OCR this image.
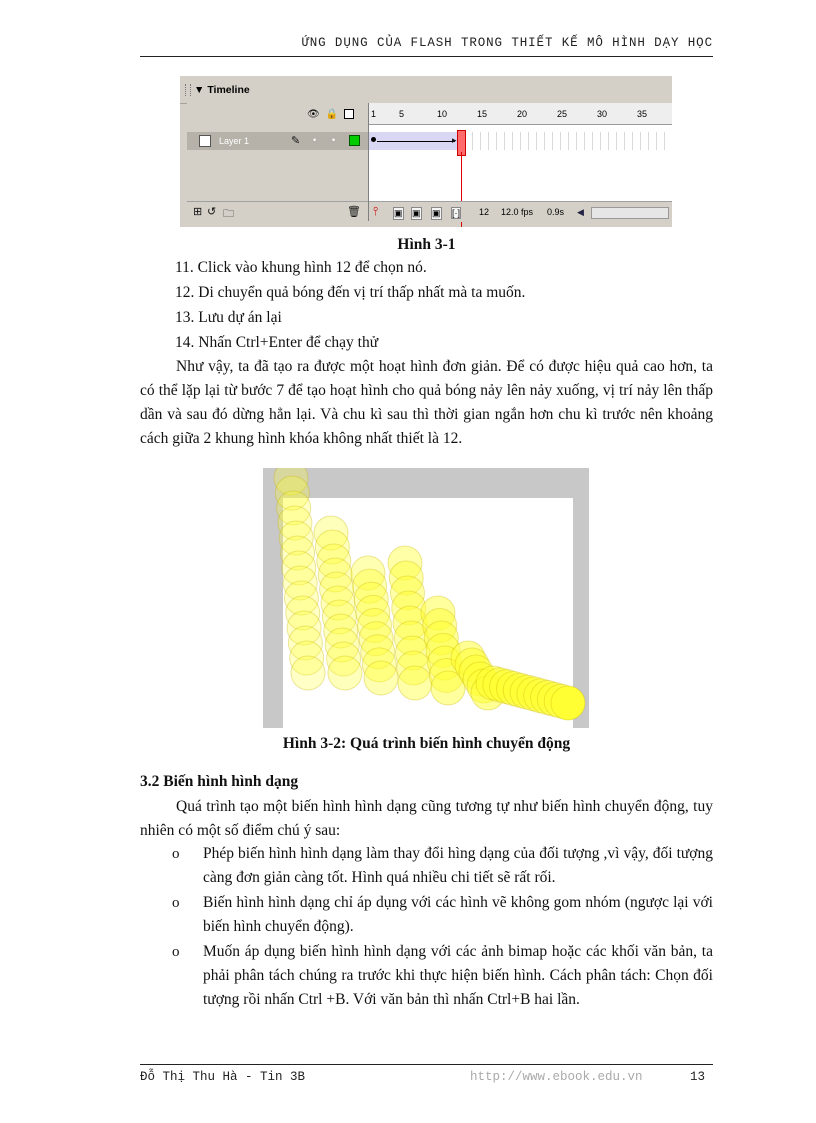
ỨNG DỤNG CỦA FLASH TRONG THIẾT KẾ MÔ HÌNH DẠY HỌC
▼ Timeline
👁 🔒
Layer 1	✎ • •
1	5	10	15	20	25	30	35
▸
⊞ ↺ 🗀	🗑 ⫯ ▣ ▣ ▣ [·] 12 12.0 fps 0.9s ◀
Hình 3-1
11. Click vào khung hình 12 để chọn nó.
12. Di chuyển quả bóng đến vị trí thấp nhất mà ta muốn.
13. Lưu dự án lại
14. Nhấn Ctrl+Enter để chạy thử
Như vậy, ta đã tạo ra được một hoạt hình đơn giản. Để có được hiệu quả cao hơn, ta có thể lặp lại từ bước 7 để tạo hoạt hình cho quả bóng nảy lên nảy xuống, vị trí nảy lên thấp dần và sau đó dừng hẳn lại. Và chu kì sau thì thời gian ngắn hơn chu kì trước nên khoảng cách giữa 2 khung hình khóa không nhất thiết là 12.
Hình 3-2: Quá trình biến hình chuyển động
3.2 Biến hình hình dạng
Quá trình tạo một biến hình hình dạng cũng tương tự như biến hình chuyển động, tuy nhiên có một số điểm chú ý sau:
o Phép biến hình hình dạng làm thay đổi hìng dạng của đối tượng ,vì vậy, đối tượng càng đơn giản càng tốt. Hình quá nhiều chi tiết sẽ rất rối.
o Biến hình hình dạng chỉ áp dụng với các hình vẽ không gom nhóm (ngược lại với biến hình chuyển động).
o Muốn áp dụng biến hình hình dạng với các ảnh bimap hoặc các khối văn bản, ta phải phân tách chúng ra trước khi thực hiện biến hình. Cách phân tách: Chọn đối tượng rồi nhấn Ctrl +B. Với văn bản thì nhấn Ctrl+B hai lần.
Đỗ Thị Thu Hà - Tin 3B	http://www.ebook.edu.vn	13
